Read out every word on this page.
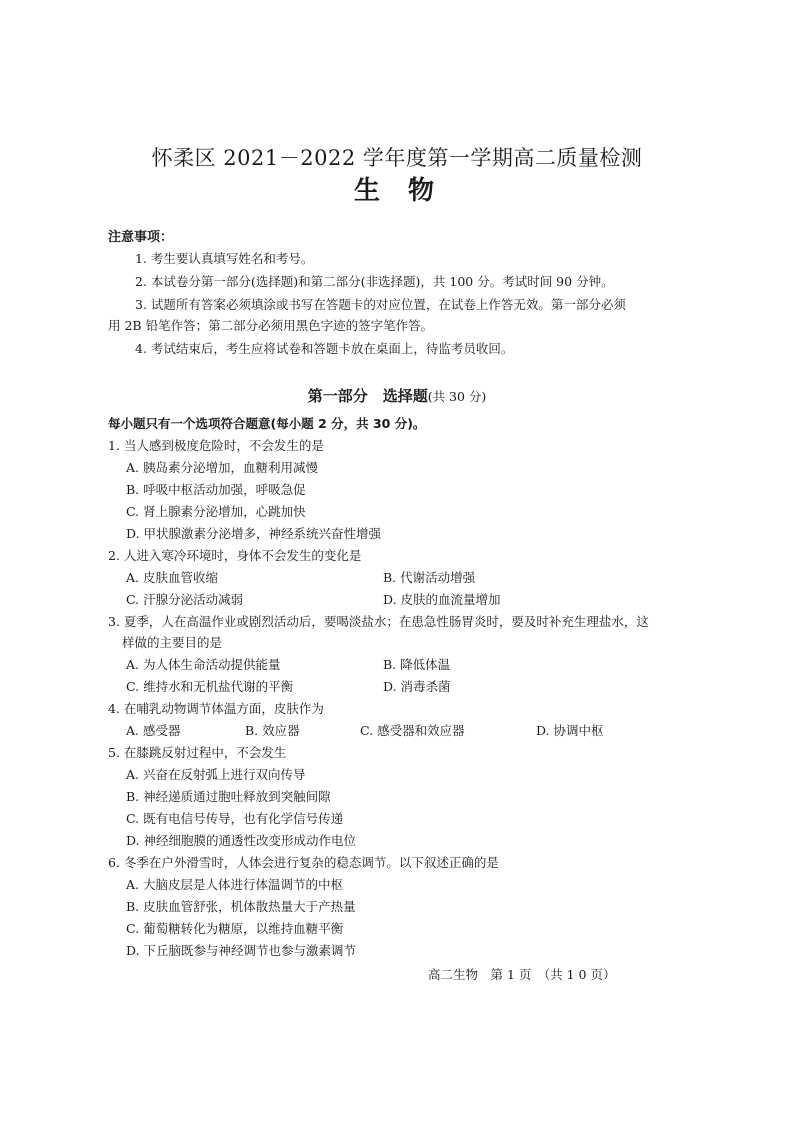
怀柔区 2021－2022 学年度第一学期高二质量检测
生物
注意事项：
1. 考生要认真填写姓名和考号。
2. 本试卷分第一部分(选择题)和第二部分(非选择题)，共 100 分。考试时间 90 分钟。
3. 试题所有答案必须填涂或书写在答题卡的对应位置，在试卷上作答无效。第一部分必须
用 2B 铅笔作答；第二部分必须用黑色字迹的签字笔作答。
4. 考试结束后，考生应将试卷和答题卡放在桌面上，待监考员收回。
第一部分　选择题(共 30 分)
每小题只有一个选项符合题意(每小题 2 分，共 30 分)。
1. 当人感到极度危险时，不会发生的是
A. 胰岛素分泌增加，血糖利用减慢
B. 呼吸中枢活动加强，呼吸急促
C. 肾上腺素分泌增加，心跳加快
D. 甲状腺激素分泌增多，神经系统兴奋性增强
2. 人进入寒冷环境时，身体不会发生的变化是
A. 皮肤血管收缩	B. 代谢活动增强
C. 汗腺分泌活动减弱	D. 皮肤的血流量增加
3. 夏季，人在高温作业或剧烈活动后，要喝淡盐水；在患急性肠胃炎时，要及时补充生理盐水，这
样做的主要目的是
A. 为人体生命活动提供能量	B. 降低体温
C. 维持水和无机盐代谢的平衡	D. 消毒杀菌
4. 在哺乳动物调节体温方面，皮肤作为
A. 感受器	B. 效应器	C. 感受器和效应器	D. 协调中枢
5. 在膝跳反射过程中，不会发生
A. 兴奋在反射弧上进行双向传导
B. 神经递质通过胞吐释放到突触间隙
C. 既有电信号传导，也有化学信号传递
D. 神经细胞膜的通透性改变形成动作电位
6. 冬季在户外滑雪时，人体会进行复杂的稳态调节。以下叙述正确的是
A. 大脑皮层是人体进行体温调节的中枢
B. 皮肤血管舒张，机体散热量大于产热量
C. 葡萄糖转化为糖原，以维持血糖平衡
D. 下丘脑既参与神经调节也参与激素调节
高二生物　第 1 页　（共 1 0 页）
